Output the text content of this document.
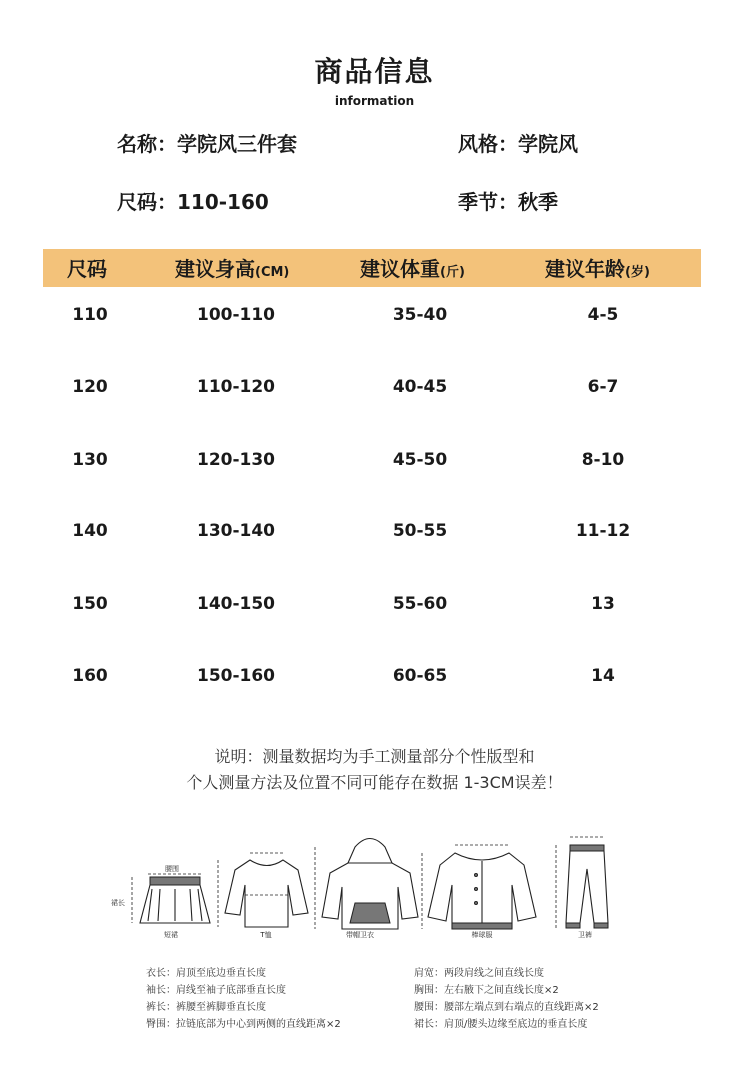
商品信息
information
名称：学院风三件套	风格：学院风
尺码：110-160	季节：秋季
尺码	建议身高(CM)	建议体重(斤)	建议年龄(岁)
110	100-110	35-40	4-5
120	110-120	40-45	6-7
130	120-130	45-50	8-10
140	130-140	50-55	11-12
150	140-150	55-60	13
160	150-160	60-65	14
说明：测量数据均为手工测量部分个性版型和
个人测量方法及位置不同可能存在数据 1-3CM误差！
腰围
裙长
短裙	T恤	带帽卫衣	棒球服	卫裤
衣长：肩顶至底边垂直长度
袖长：肩线至袖子底部垂直长度
裤长：裤腰至裤脚垂直长度
臀围：拉链底部为中心到两侧的直线距离×2
肩宽：两段肩线之间直线长度
胸围：左右腋下之间直线长度×2
腰围：腰部左端点到右端点的直线距离×2
裙长：肩顶/腰头边缘至底边的垂直长度
